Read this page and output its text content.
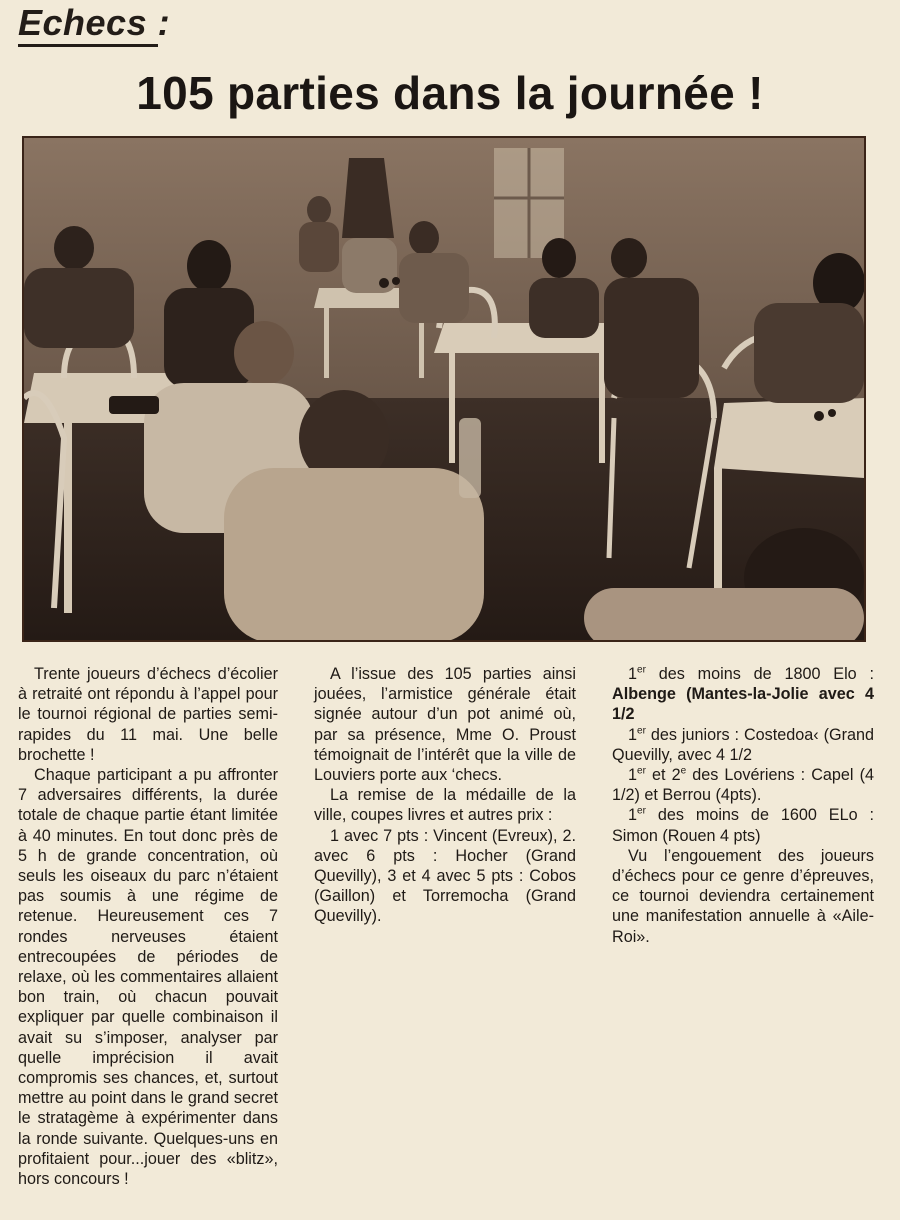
Echecs :
105 parties dans la journée !

Trente joueurs d’échecs d’écolier à retraité ont répondu à l’appel pour le tournoi régional de parties semi-rapides du 11 mai. Une belle brochette !

Chaque participant a pu affronter 7 adversaires différents, la durée totale de chaque partie étant limitée à 40 minutes. En tout donc près de 5 h de grande concentration, où seuls les oiseaux du parc n’étaient pas soumis à une régime de retenue. Heureusement ces 7 rondes nerveuses étaient entrecoupées de périodes de relaxe, où les commentaires allaient bon train, où chacun pouvait expliquer par quelle combinaison il avait su s’imposer, analyser par quelle imprécision il avait compromis ses chances, et, surtout mettre au point dans le grand secret le stratagème à expérimenter dans la ronde suivante. Quelques-uns en profitaient pour...jouer des «blitz», hors concours !

A l’issue des 105 parties ainsi jouées, l’armistice générale était signée autour d’un pot animé où, par sa présence, Mme O. Proust témoignait de l’intérêt que la ville de Louviers porte aux ‘checs.

La remise de la médaille de la ville, coupes livres et autres prix :

1 avec 7 pts : Vincent (Evreux), 2. avec 6 pts : Hocher (Grand Quevilly), 3 et 4 avec 5 pts : Cobos (Gaillon) et Torremocha (Grand Quevilly).

1er des moins de 1800 Elo : Albenge (Mantes-la-Jolie avec 4 1/2

1er des juniors : Costedoa‹ (Grand Quevilly, avec 4 1/2

1er et 2e des Lovériens : Capel (4 1/2) et Berrou (4pts).

1er des moins de 1600 ELo : Simon (Rouen 4 pts)

Vu l’engouement des joueurs d’échecs pour ce genre d’épreuves, ce tournoi deviendra certainement une manifestation annuelle à «Aile-Roi».
